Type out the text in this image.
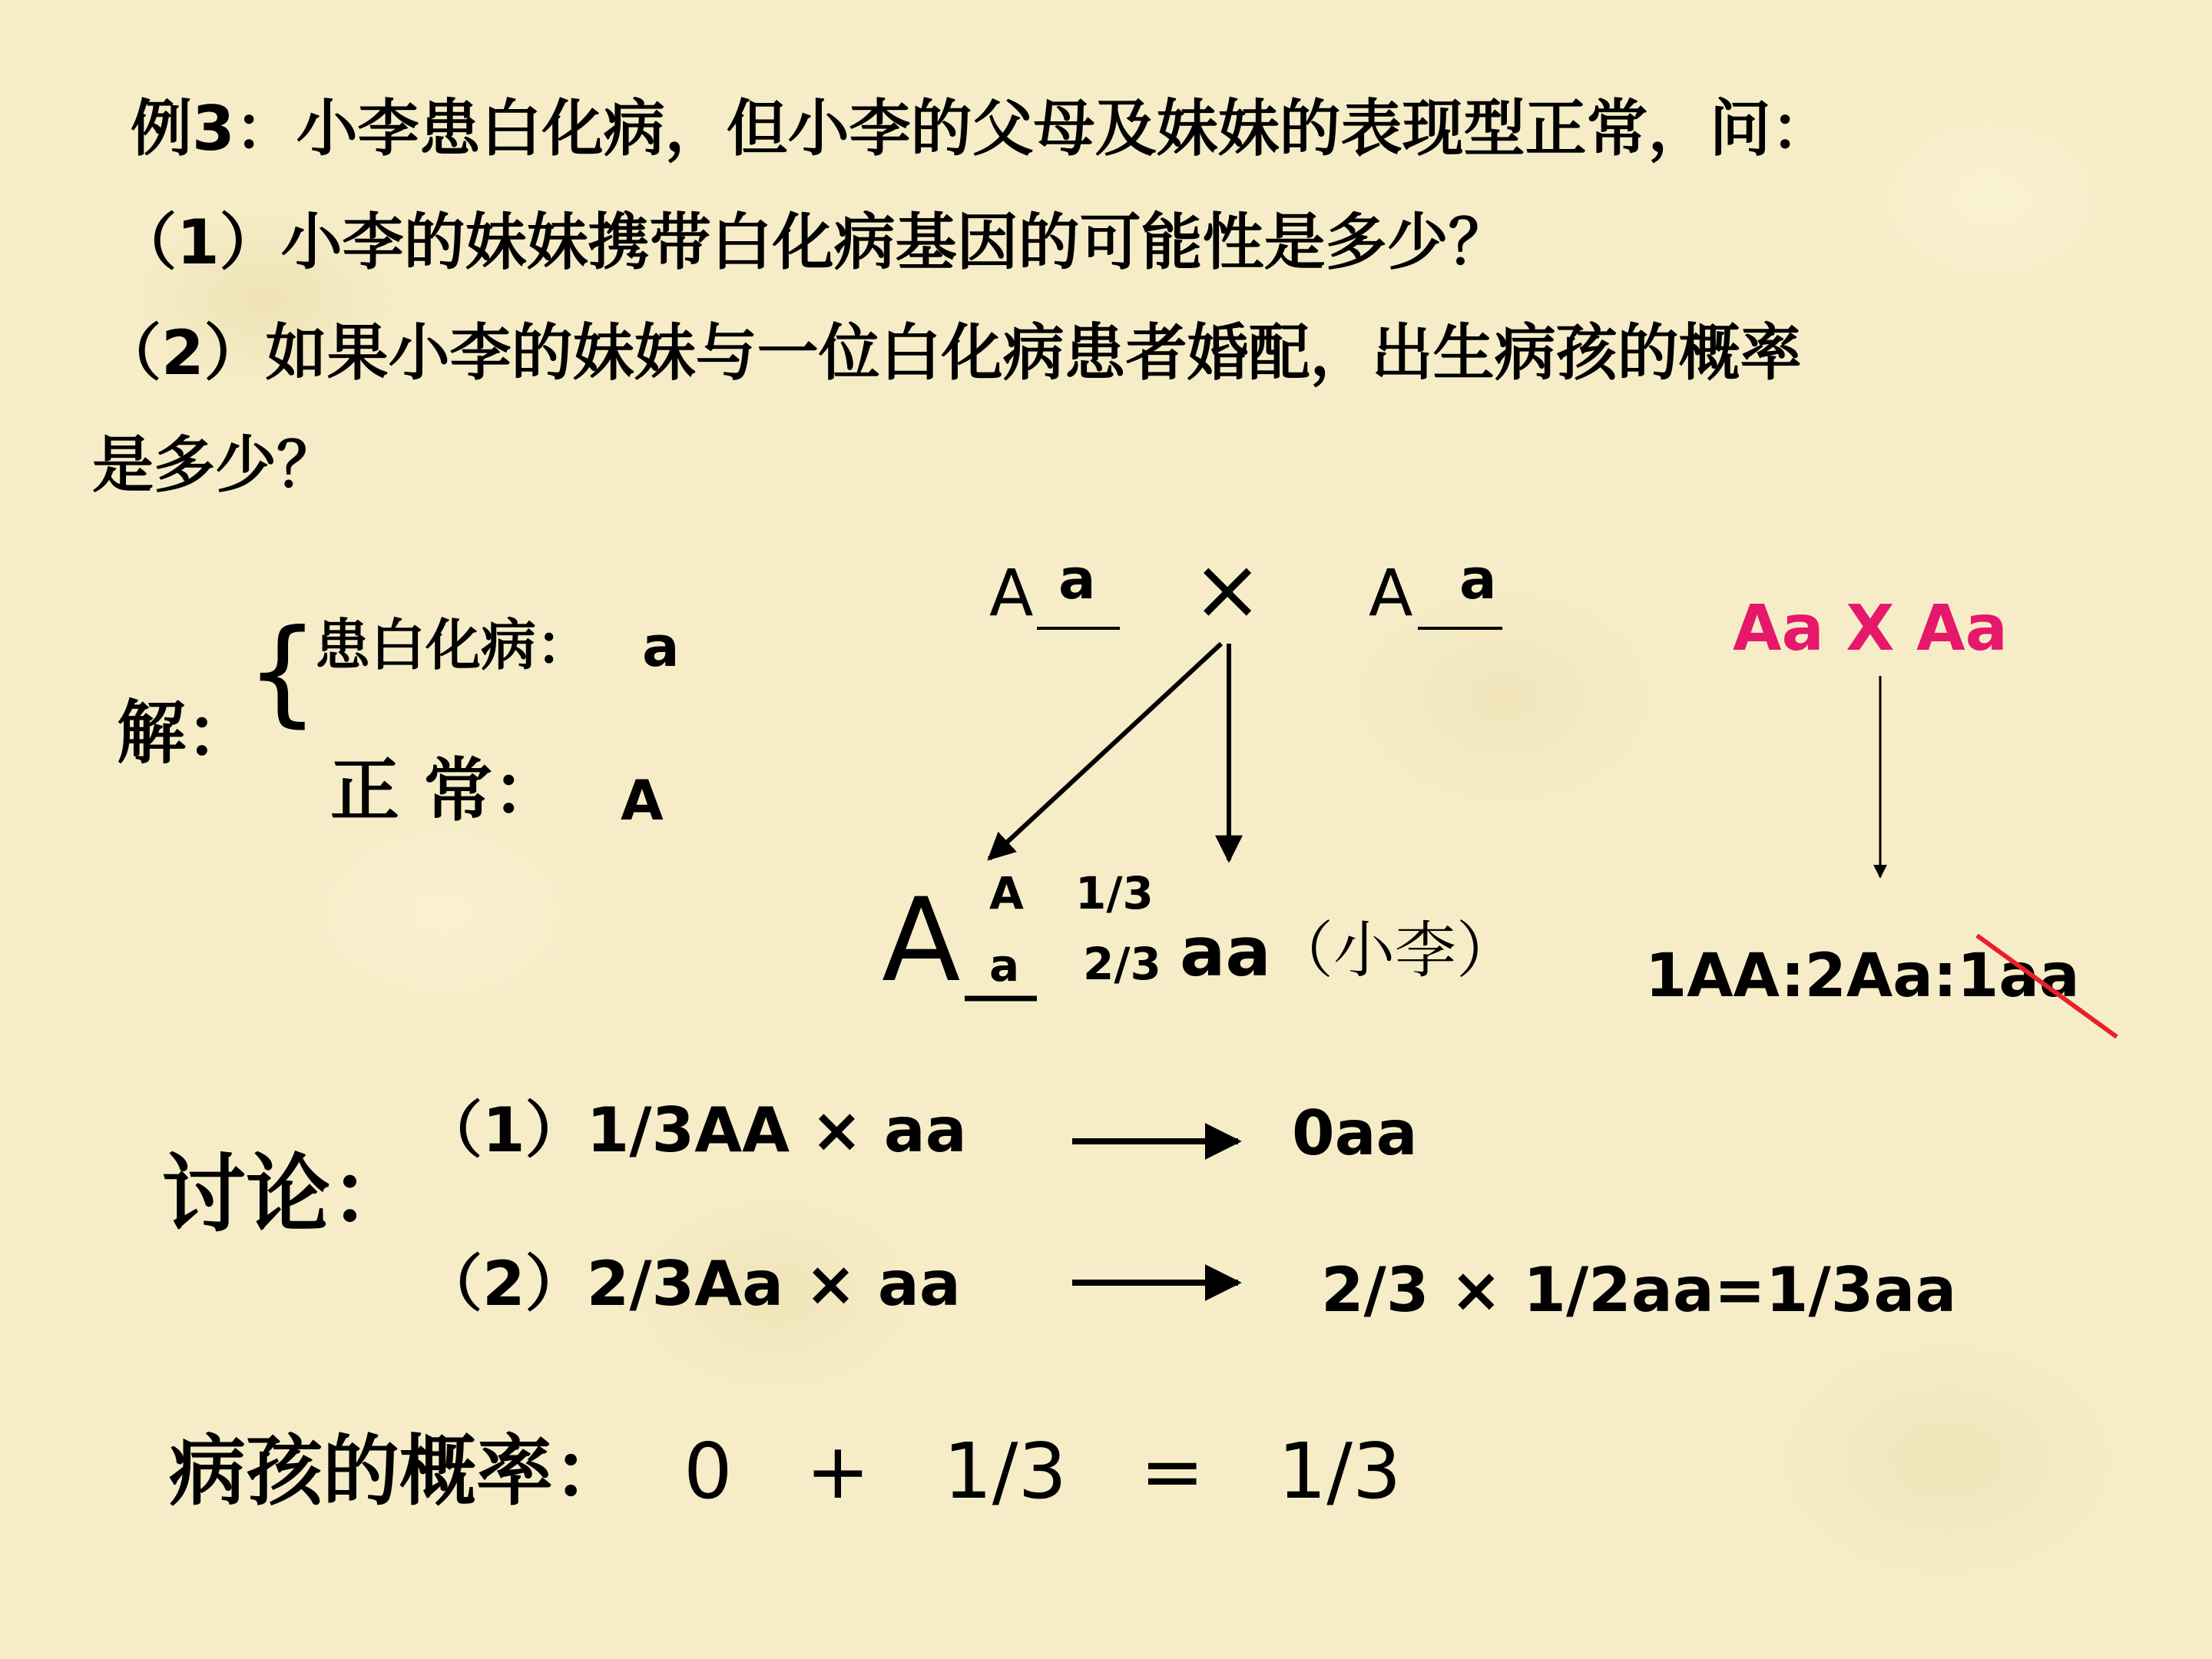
例3：小李患白化病，但小李的父母及妹妹的表现型正常，问：
（1）小李的妹妹携带白化病基因的可能性是多少？
（2）如果小李的妹妹与一位白化病患者婚配，出生病孩的概率
是多少？
解：
{
患白化病： a
正 常： A
A a × A a
A A 1/3
a 2/3 aa （小李）
Aa X Aa
1AA:2Aa:1aa
讨论：
（1）1/3AA × aa	0aa
（2）2/3Aa × aa	2/3 × 1/2aa=1/3aa
病孩的概率： 0   +   1/3   =   1/3
